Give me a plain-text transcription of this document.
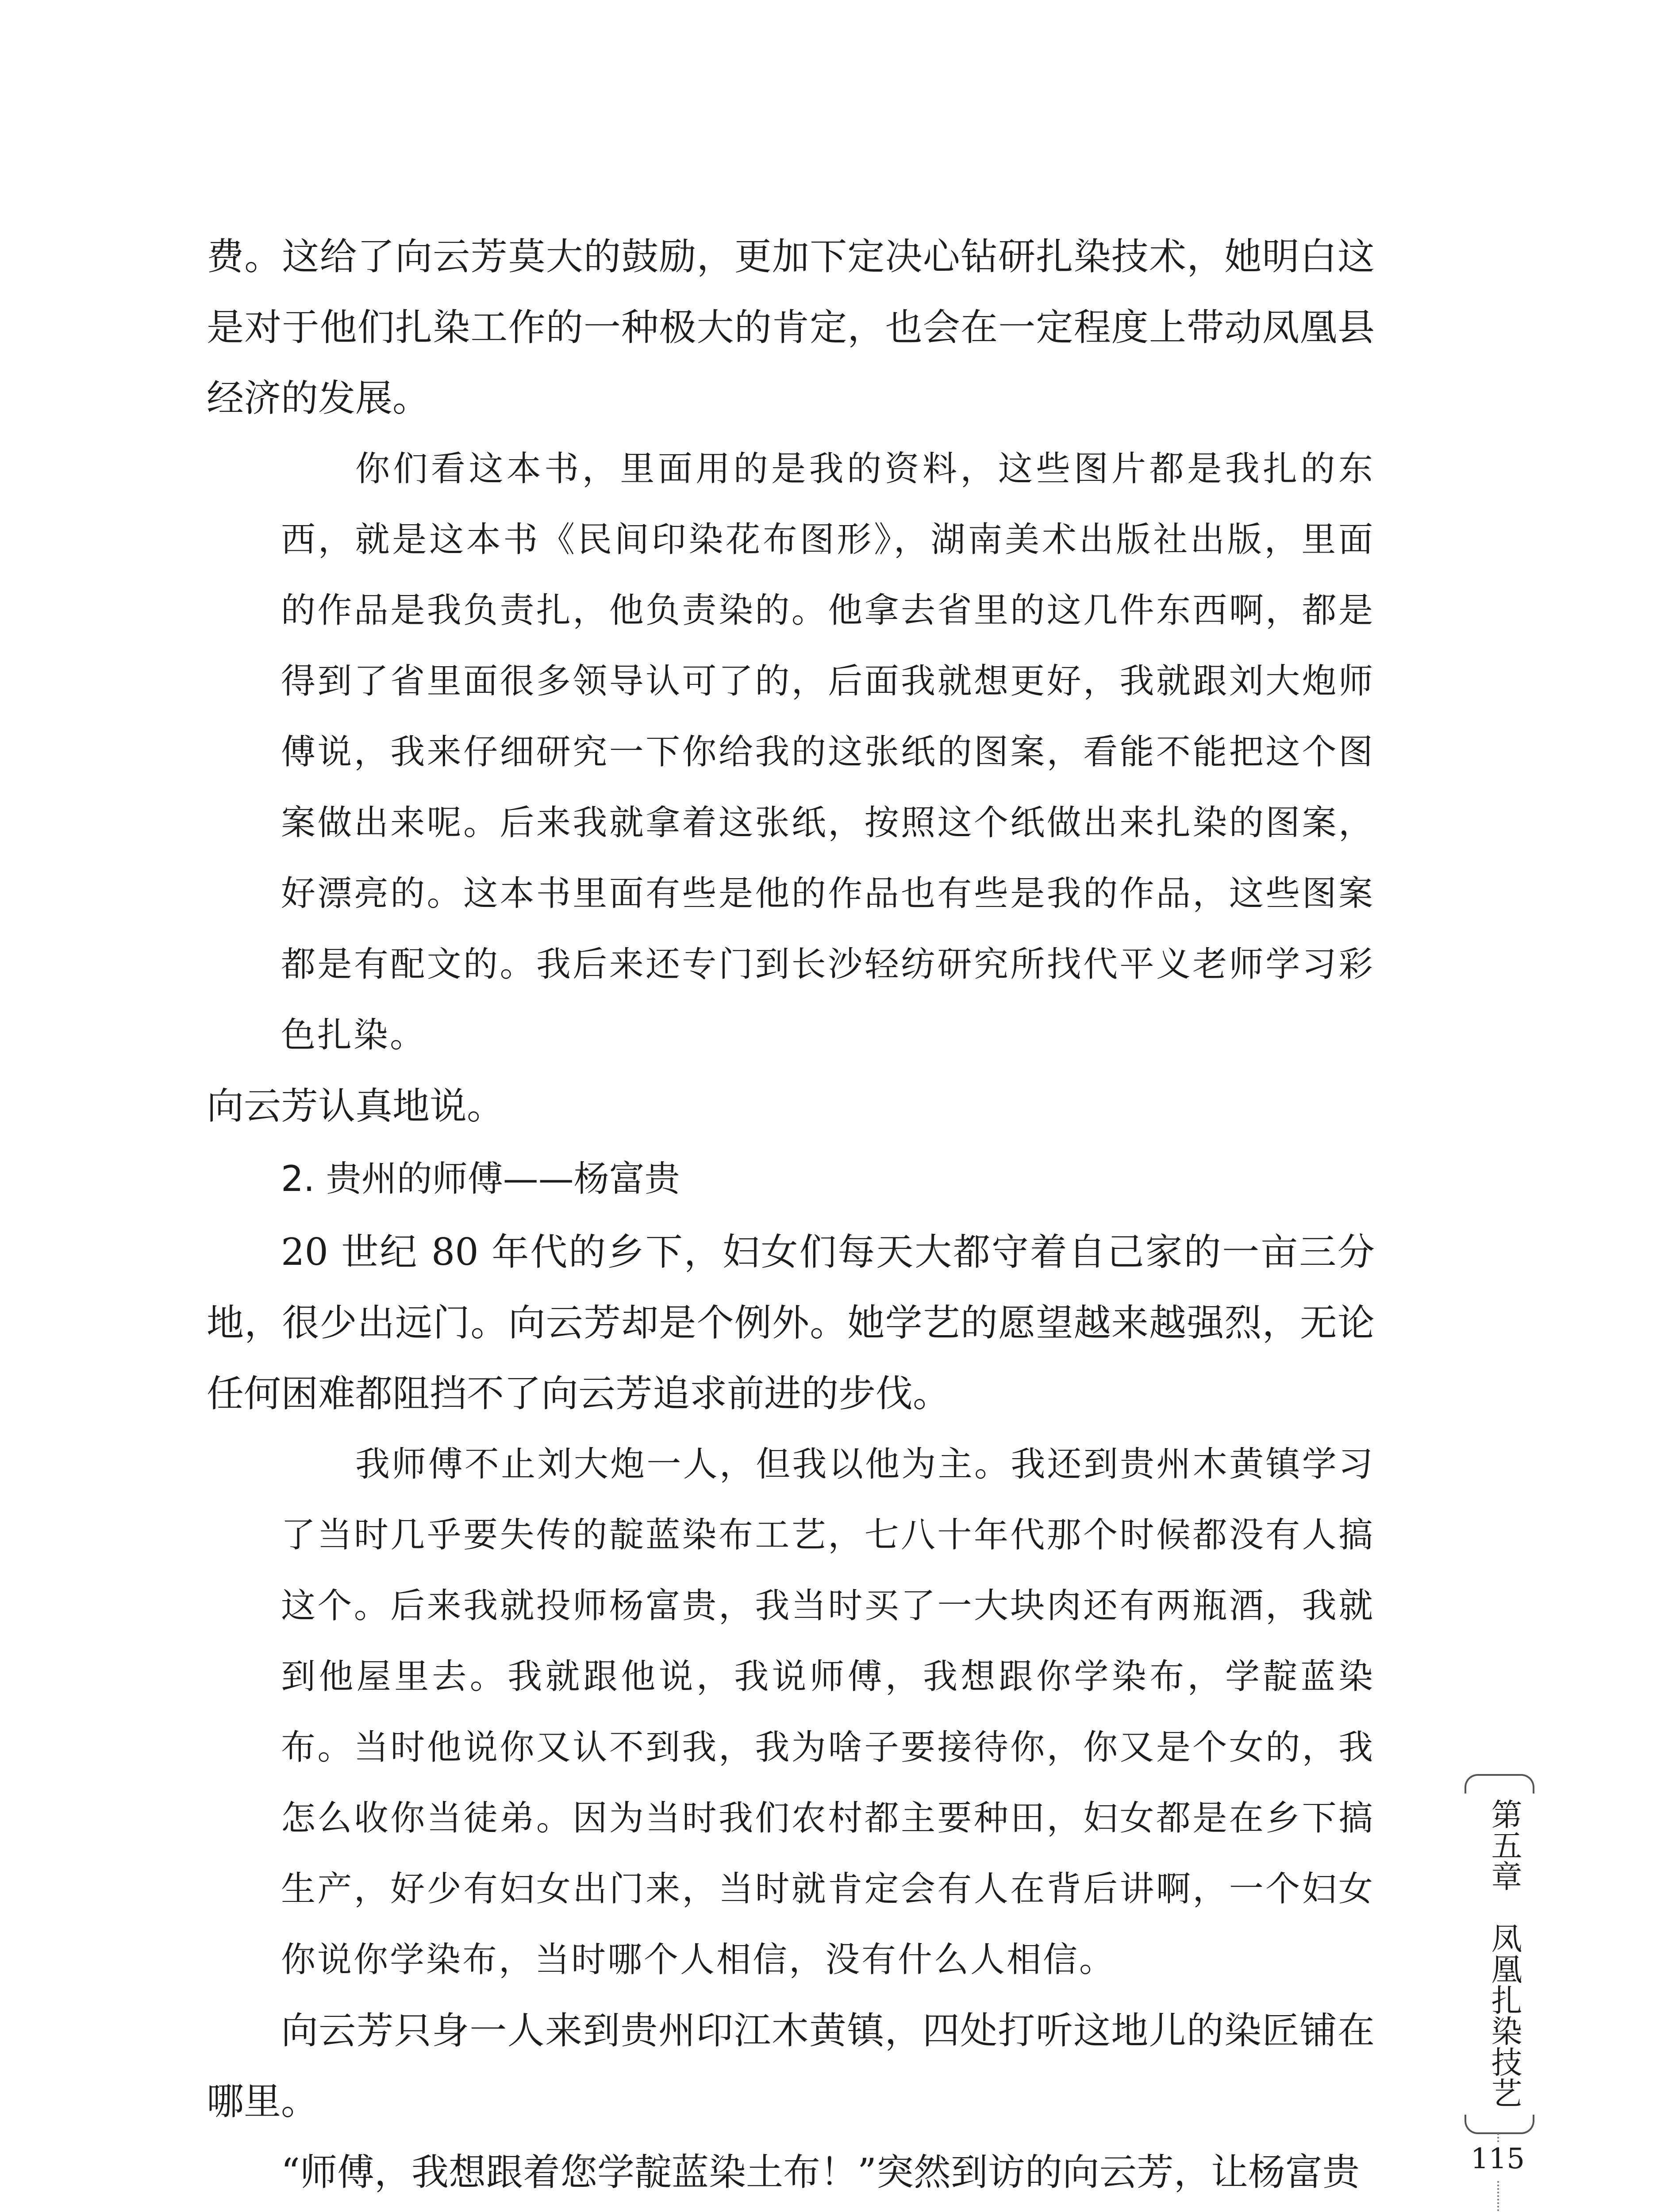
费。这给了向云芳莫大的鼓励，更加下定决心钻研扎染技术，她明白这是对于他们扎染工作的一种极大的肯定，也会在一定程度上带动凤凰县经济的发展。

你们看这本书，里面用的是我的资料，这些图片都是我扎的东西，就是这本书《民间印染花布图形》，湖南美术出版社出版，里面的作品是我负责扎，他负责染的。他拿去省里的这几件东西啊，都是得到了省里面很多领导认可了的，后面我就想更好，我就跟刘大炮师傅说，我来仔细研究一下你给我的这张纸的图案，看能不能把这个图案做出来呢。后来我就拿着这张纸，按照这个纸做出来扎染的图案，好漂亮的。这本书里面有些是他的作品也有些是我的作品，这些图案都是有配文的。我后来还专门到长沙轻纺研究所找代平义老师学习彩色扎染。

向云芳认真地说。

2. 贵州的师傅——杨富贵

20 世纪 80 年代的乡下，妇女们每天大都守着自己家的一亩三分地，很少出远门。向云芳却是个例外。她学艺的愿望越来越强烈，无论任何困难都阻挡不了向云芳追求前进的步伐。

我师傅不止刘大炮一人，但我以他为主。我还到贵州木黄镇学习了当时几乎要失传的靛蓝染布工艺，七八十年代那个时候都没有人搞这个。后来我就投师杨富贵，我当时买了一大块肉还有两瓶酒，我就到他屋里去。我就跟他说，我说师傅，我想跟你学染布，学靛蓝染布。当时他说你又认不到我，我为啥子要接待你，你又是个女的，我怎么收你当徒弟。因为当时我们农村都主要种田，妇女都是在乡下搞生产，好少有妇女出门来，当时就肯定会有人在背后讲啊，一个妇女你说你学染布，当时哪个人相信，没有什么人相信。

向云芳只身一人来到贵州印江木黄镇，四处打听这地儿的染匠铺在哪里。

“师傅，我想跟着您学靛蓝染土布！”突然到访的向云芳，让杨富贵

第五章　凤凰扎染技艺
115
